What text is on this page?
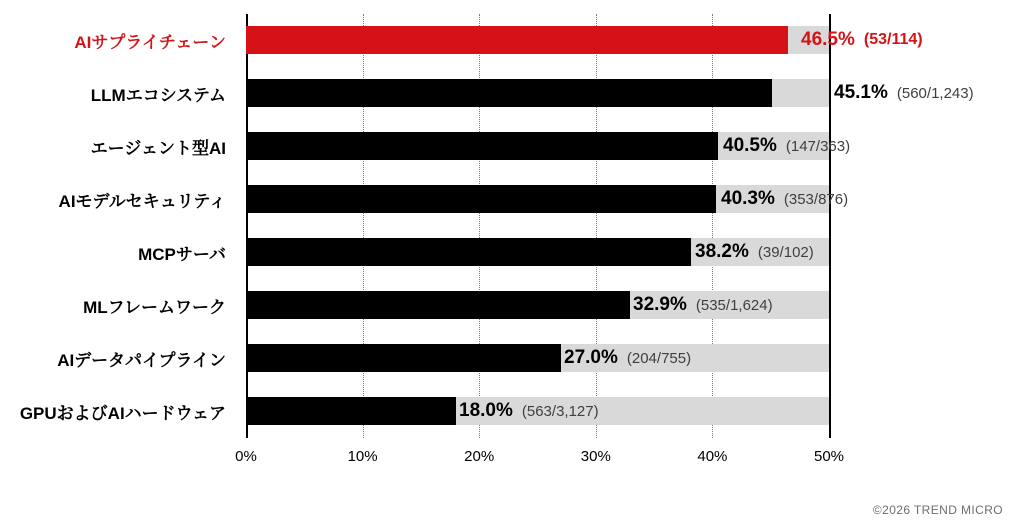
AIサプライチェーン
LLMエコシステム
エージェント型AI
AIモデルセキュリティ
MCPサーバ
MLフレームワーク
AIデータパイプライン
GPUおよびAIハードウェア
46.5% (53/114)
45.1% (560/1,243)
40.5% (147/363)
40.3% (353/876)
38.2% (39/102)
32.9% (535/1,624)
27.0% (204/755)
18.0% (563/3,127)
0%	10%	20%	30%	40%	50%
©2026 TREND MICRO
